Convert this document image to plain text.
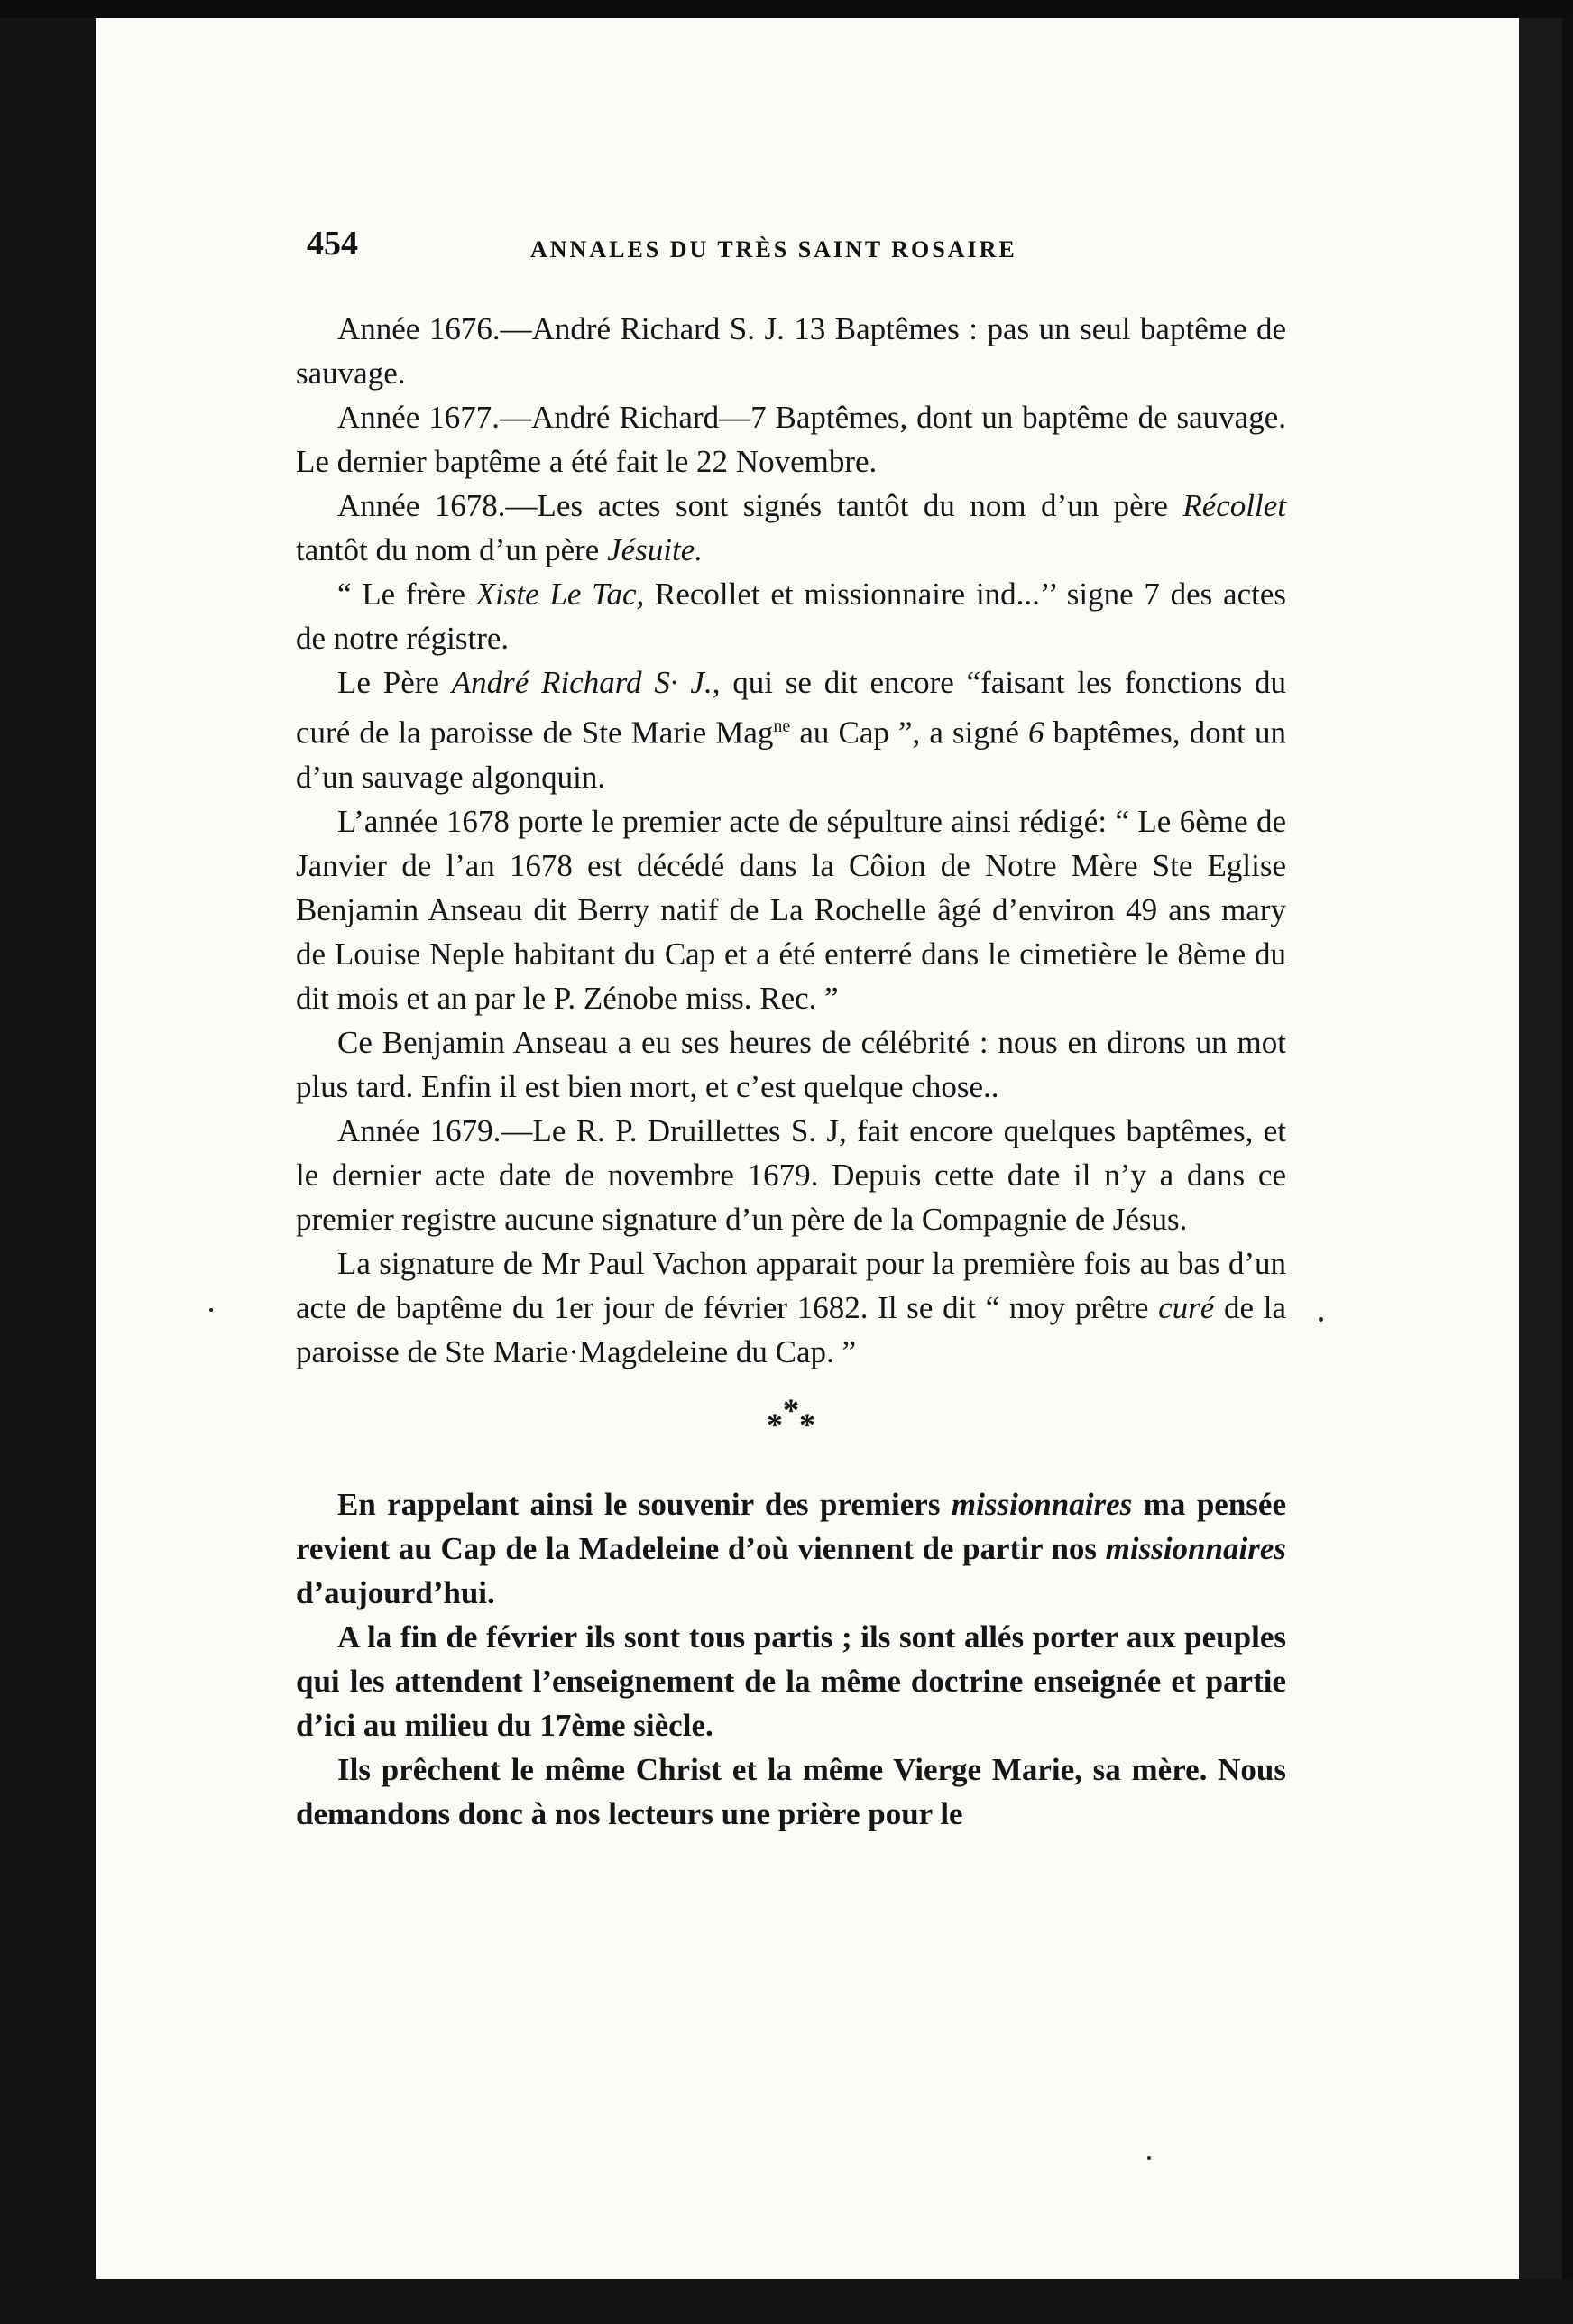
454	ANNALES DU TRÈS SAINT ROSAIRE

Année 1676.—André Richard S. J. 13 Baptêmes : pas un seul baptême de sauvage.

Année 1677.—André Richard—7 Baptêmes, dont un baptême de sauvage. Le dernier baptême a été fait le 22 Novembre.

Année 1678.—Les actes sont signés tantôt du nom d’un père Récollet tantôt du nom d’un père Jésuite.

“ Le frère Xiste Le Tac, Recollet et missionnaire ind...’’ signe 7 des actes de notre régistre.

Le Père André Richard S· J., qui se dit encore “faisant les fonctions du curé de la paroisse de Ste Marie Mag$^{ne}$ au Cap ”, a signé 6 baptêmes, dont un d’un sauvage algonquin.

L’année 1678 porte le premier acte de sépulture ainsi rédigé: “ Le 6ème de Janvier de l’an 1678 est décédé dans la Côion de Notre Mère Ste Eglise Benjamin Anseau dit Berry natif de La Rochelle âgé d’environ 49 ans mary de Louise Neple habitant du Cap et a été enterré dans le cimetière le 8ème du dit mois et an par le P. Zénobe miss. Rec. ”

Ce Benjamin Anseau a eu ses heures de célébrité : nous en dirons un mot plus tard. Enfin il est bien mort, et c’est quelque chose..

Année 1679.—Le R. P. Druillettes S. J, fait encore quelques baptêmes, et le dernier acte date de novembre 1679. Depuis cette date il n’y a dans ce premier registre aucune signature d’un père de la Compagnie de Jésus.

La signature de Mr Paul Vachon apparait pour la première fois au bas d’un acte de baptême du 1er jour de février 1682. Il se dit “ moy prêtre curé de la paroisse de Ste Marie·Magdeleine du Cap. ”

***

En rappelant ainsi le souvenir des premiers missionnaires ma pensée revient au Cap de la Madeleine d’où viennent de partir nos missionnaires d’aujourd’hui.

A la fin de février ils sont tous partis ; ils sont allés porter aux peuples qui les attendent l’enseignement de la même doctrine enseignée et partie d’ici au milieu du 17ème siècle.

Ils prêchent le même Christ et la même Vierge Marie, sa mère. Nous demandons donc à nos lecteurs une prière pour le
